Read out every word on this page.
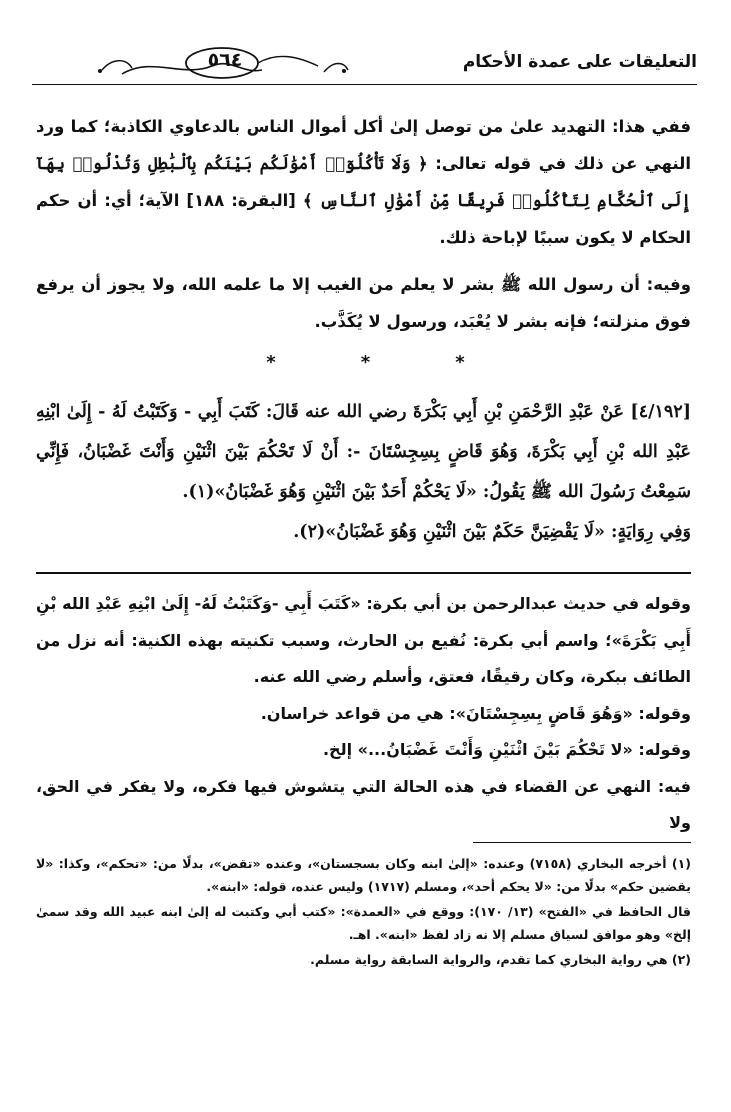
التعليقات على عمدة الأحكام
٥٦٤

ففي هذا: التهديد علىٰ من توصل إلىٰ أكل أموال الناس بالدعاوي الكاذبة؛ كما ورد النهي عن ذلك في قوله تعالى: ﴿ وَلَا تَأْكُلُوٓا۟ أَمْوَٰلَكُم بَيْنَكُم بِٱلْبَٰطِلِ وَتُدْلُوا۟ بِهَآ إِلَى ٱلْحُكَّامِ لِتَأْكُلُوا۟ فَرِيقًا مِّنْ أَمْوَٰلِ ٱلنَّاسِ ﴾ [البقرة: ١٨٨] الآية؛ أي: أن حكم الحكام لا يكون سببًا لإباحة ذلك.

وفيه: أن رسول الله ﷺ بشر لا يعلم من الغيب إلا ما علمه الله، ولا يجوز أن يرفع فوق منزلته؛ فإنه بشر لا يُعْبَد، ورسول لا يُكَذَّب.

*	*	*

[٤/١٩٢] عَنْ عَبْدِ الرَّحْمَنِ بْنِ أَبِي بَكْرَةَ رضي الله عنه قَالَ: كَتَبَ أَبِي - وَكَتَبْتُ لَهُ - إِلَىٰ ابْنِهِ عَبْدِ الله بْنِ أَبِي بَكْرَةَ، وَهُوَ قَاضٍ بِسِجِسْتَانَ -: أَنْ لَا تَحْكُمَ بَيْنَ اثْنَيْنِ وَأَنْتَ غَضْبَانُ، فَإِنِّي سَمِعْتُ رَسُولَ الله ﷺ يَقُولُ: «لَا يَحْكُمْ أَحَدٌ بَيْنَ اثْنَيْنِ وَهُوَ غَضْبَانُ»(١).

وَفِي رِوَايَةٍ: «لَا يَقْضِيَنَّ حَكَمٌ بَيْنَ اثْنَيْنِ وَهُوَ غَضْبَانُ»(٢).

وقوله في حديث عبدالرحمن بن أبي بكرة: «كَتَبَ أَبِي -وَكَتَبْتُ لَهُ- إِلَىٰ ابْنِهِ عَبْدِ الله بْنِ أَبِي بَكْرَةَ»؛ واسم أبي بكرة: نُفيع بن الحارث، وسبب تكنيته بهذه الكنية: أنه نزل من الطائف ببكرة، وكان رقيقًا، فعتق، وأسلم رضي الله عنه.

وقوله: «وَهُوَ قَاضٍ بِسِجِسْتَانَ»: هي من قواعد خراسان.

وقوله: «لا تَحْكُمَ بَيْنَ اثْنَيْنِ وَأَنْتَ غَضْبَانُ...» إلخ.

فيه: النهي عن القضاء في هذه الحالة التي يتشوش فيها فكره، ولا يفكر في الحق، ولا

(١) أخرجه البخاري (٧١٥٨) وعنده: «إلىٰ ابنه وكان بسجستان»، وعنده «تقض»، بدلًا من: «تحكم»، وكذا: «لا يقضين حكم» بدلًا من: «لا يحكم أحد»، ومسلم (١٧١٧) وليس عنده، قوله: «ابنه».

قال الحافظ في «الفتح» (١٣/ ١٧٠): ووقع في «العمدة»: «كتب أبي وكتبت له إلىٰ ابنه عبيد الله وقد سمىٰ إلخ» وهو موافق لسياق مسلم إلا نه زاد لفظ «ابنه». اهـ.

(٢) هي رواية البخاري كما تقدم، والرواية السابقة رواية مسلم.
